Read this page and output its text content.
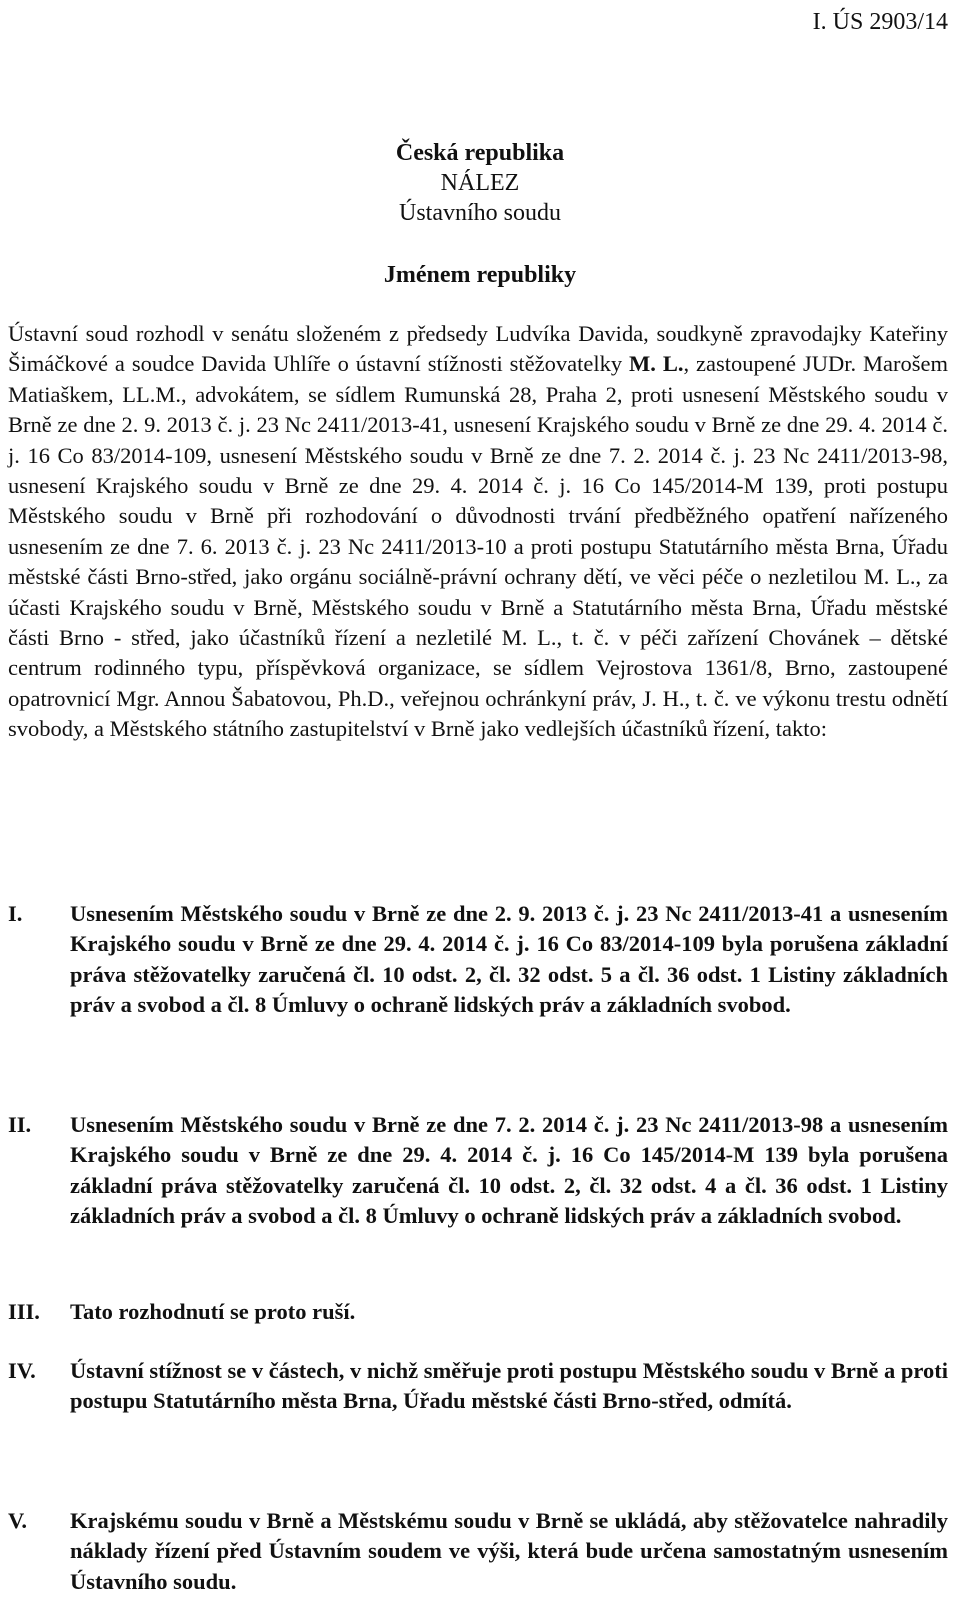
I. ÚS 2903/14
Česká republika
NÁLEZ
Ústavního soudu
Jménem republiky
Ústavní soud rozhodl v senátu složeném z předsedy Ludvíka Davida, soudkyně zpravodajky Kateřiny Šimáčkové a soudce Davida Uhlíře o ústavní stížnosti stěžovatelky M. L., zastoupené JUDr. Marošem Matiaškem, LL.M., advokátem, se sídlem Rumunská 28, Praha 2, proti usnesení Městského soudu v Brně ze dne 2. 9. 2013 č. j. 23 Nc 2411/2013-41, usnesení Krajského soudu v Brně ze dne 29. 4. 2014 č. j. 16 Co 83/2014-109, usnesení Městského soudu v Brně ze dne 7. 2. 2014 č. j. 23 Nc 2411/2013-98, usnesení Krajského soudu v Brně ze dne 29. 4. 2014 č. j. 16 Co 145/2014-M 139, proti postupu Městského soudu v Brně při rozhodování o důvodnosti trvání předběžného opatření nařízeného usnesením ze dne 7. 6. 2013 č. j. 23 Nc 2411/2013-10 a proti postupu Statutárního města Brna, Úřadu městské části Brno-střed, jako orgánu sociálně-právní ochrany dětí, ve věci péče o nezletilou M. L., za účasti Krajského soudu v Brně, Městského soudu v Brně a Statutárního města Brna, Úřadu městské části Brno - střed, jako účastníků řízení a nezletilé M. L., t. č. v péči zařízení Chovánek – dětské centrum rodinného typu, příspěvková organizace, se sídlem Vejrostova 1361/8, Brno, zastoupené opatrovnicí Mgr. Annou Šabatovou, Ph.D., veřejnou ochránkyní práv, J. H., t. č. ve výkonu trestu odnětí svobody, a Městského státního zastupitelství v Brně jako vedlejších účastníků řízení, takto:
I.	Usnesením Městského soudu v Brně ze dne 2. 9. 2013 č. j. 23 Nc 2411/2013-41 a usnesením Krajského soudu v Brně ze dne 29. 4. 2014 č. j. 16 Co 83/2014-109 byla porušena základní práva stěžovatelky zaručená čl. 10 odst. 2, čl. 32 odst. 5 a čl. 36 odst. 1 Listiny základních práv a svobod a čl. 8 Úmluvy o ochraně lidských práv a základních svobod.
II.	Usnesením Městského soudu v Brně ze dne 7. 2. 2014 č. j. 23 Nc 2411/2013-98 a usnesením Krajského soudu v Brně ze dne 29. 4. 2014 č. j. 16 Co 145/2014-M 139 byla porušena základní práva stěžovatelky zaručená čl. 10 odst. 2, čl. 32 odst. 4 a čl. 36 odst. 1 Listiny základních práv a svobod a čl. 8 Úmluvy o ochraně lidských práv a základních svobod.
III.	Tato rozhodnutí se proto ruší.
IV.	Ústavní stížnost se v částech, v nichž směřuje proti postupu Městského soudu v Brně a proti postupu Statutárního města Brna, Úřadu městské části Brno-střed, odmítá.
V.	Krajskému soudu v Brně a Městskému soudu v Brně se ukládá, aby stěžovatelce nahradily náklady řízení před Ústavním soudem ve výši, která bude určena samostatným usnesením Ústavního soudu.
